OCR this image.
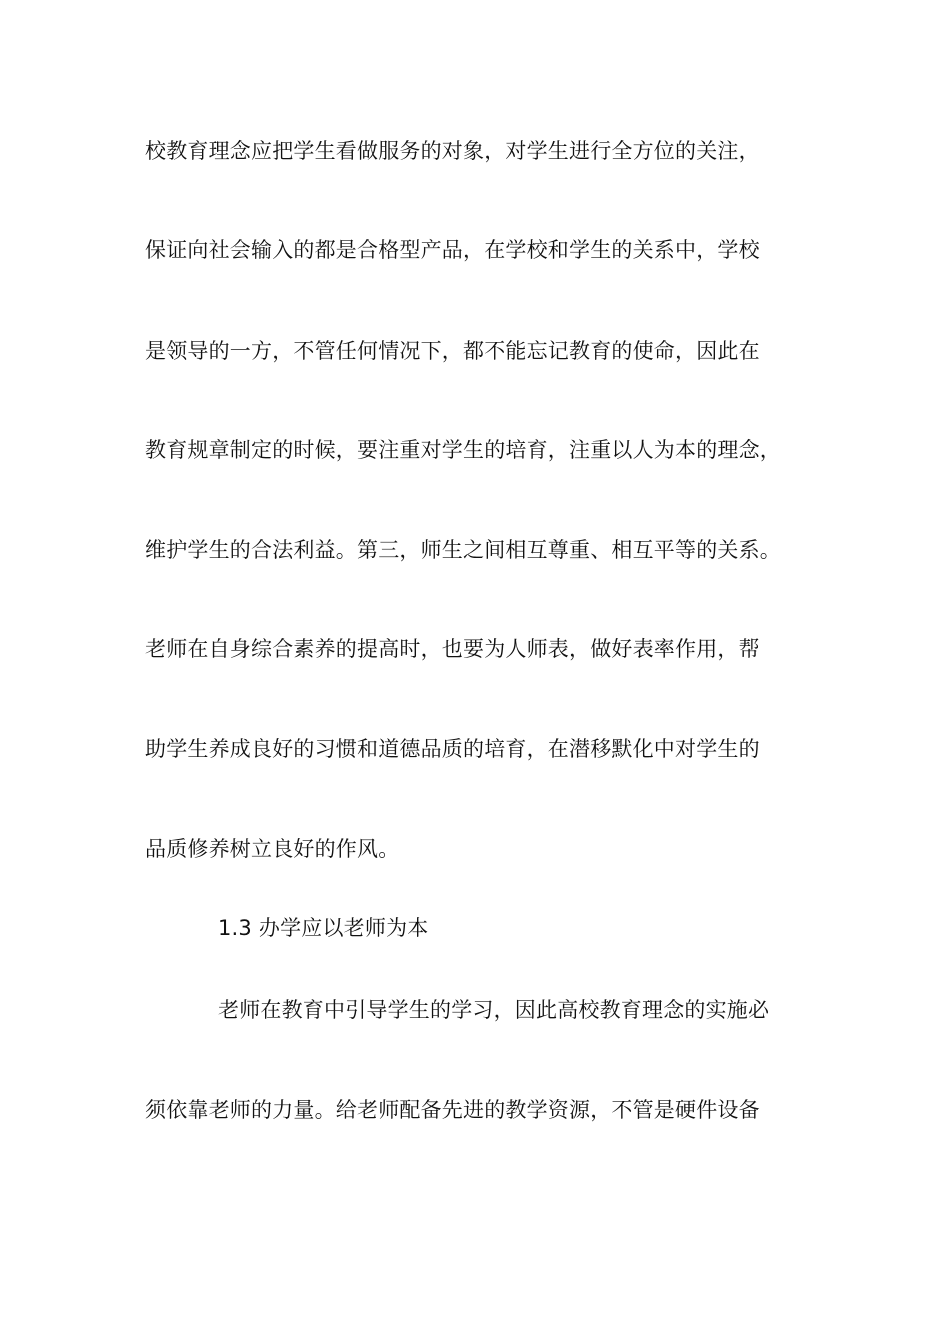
校教育理念应把学生看做服务的对象，对学生进行全方位的关注，
保证向社会输入的都是合格型产品，在学校和学生的关系中，学校
是领导的一方，不管任何情况下，都不能忘记教育的使命，因此在
教育规章制定的时候，要注重对学生的培育，注重以人为本的理念，
维护学生的合法利益。第三，师生之间相互尊重、相互平等的关系。
老师在自身综合素养的提高时，也要为人师表，做好表率作用，帮
助学生养成良好的习惯和道德品质的培育，在潜移默化中对学生的
品质修养树立良好的作风。
1.3 办学应以老师为本
老师在教育中引导学生的学习，因此高校教育理念的实施必
须依靠老师的力量。给老师配备先进的教学资源，不管是硬件设备
